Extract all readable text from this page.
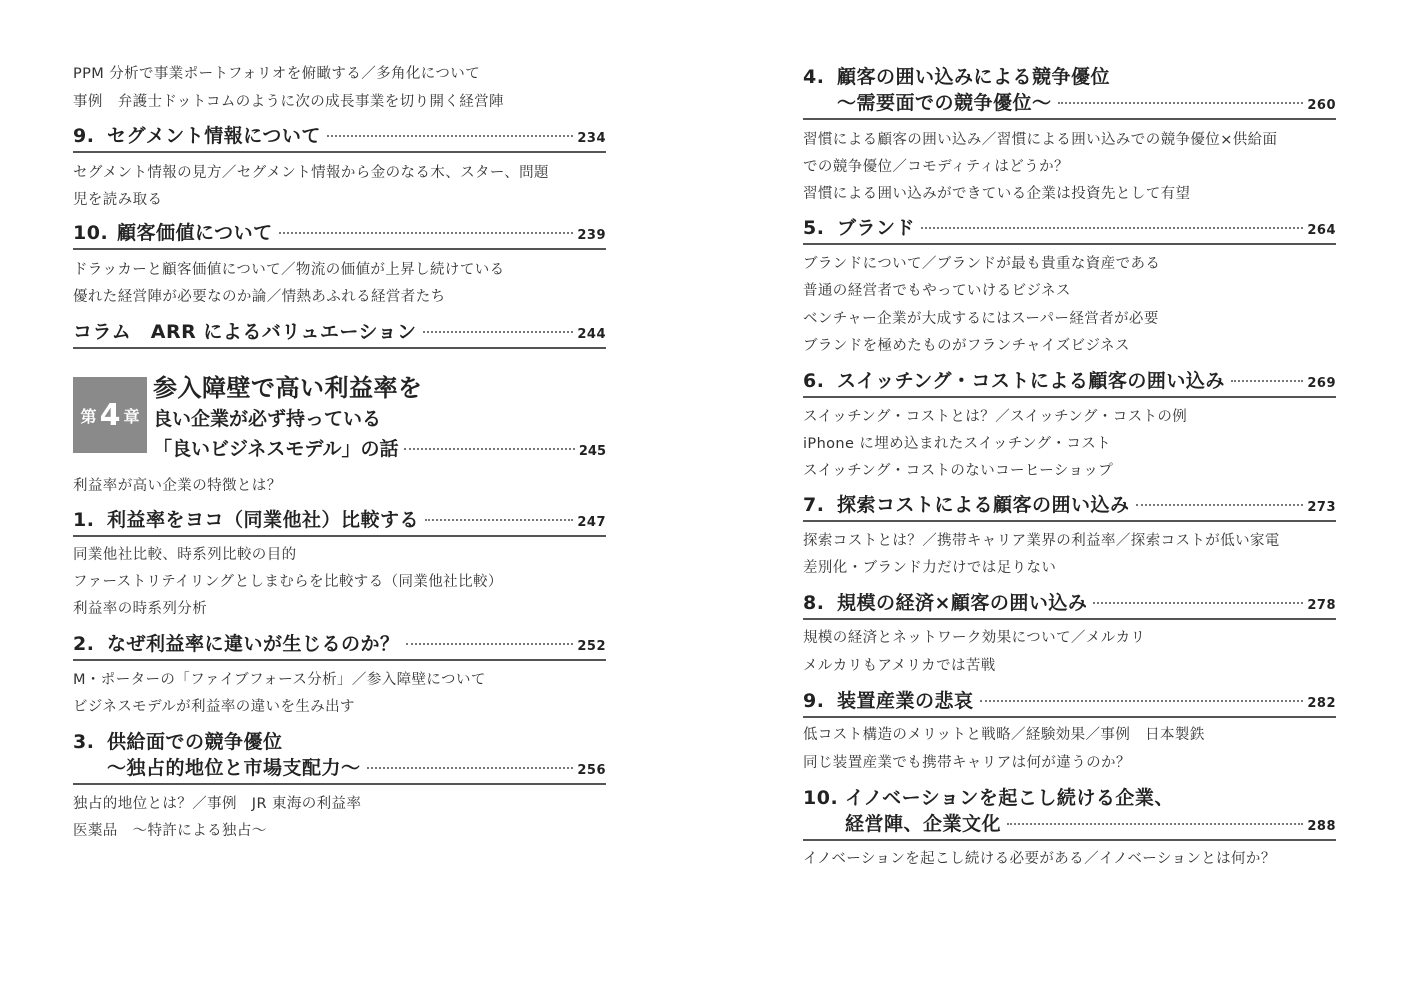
PPM 分析で事業ポートフォリオを俯瞰する／多角化について
事例　弁護士ドットコムのように次の成長事業を切り開く経営陣
9. セグメント情報について	234
セグメント情報の見方／セグメント情報から金のなる木、スター、問題
児を読み取る
10. 顧客価値について	239
ドラッカーと顧客価値について／物流の価値が上昇し続けている
優れた経営陣が必要なのか論／情熱あふれる経営者たち
コラム　ARR によるバリュエーション	244
第 4 章
参入障壁で高い利益率を
良い企業が必ず持っている
「良いビジネスモデル」の話	245
利益率が高い企業の特徴とは？
1. 利益率をヨコ（同業他社）比較する	247
同業他社比較、時系列比較の目的
ファーストリテイリングとしまむらを比較する（同業他社比較）
利益率の時系列分析
2. なぜ利益率に違いが生じるのか？	252
M・ポーターの「ファイブフォース分析」／参入障壁について
ビジネスモデルが利益率の違いを生み出す
3. 供給面での競争優位
～独占的地位と市場支配力～	256
独占的地位とは？／事例　JR 東海の利益率
医薬品　～特許による独占～
4. 顧客の囲い込みによる競争優位
～需要面での競争優位～	260
習慣による顧客の囲い込み／習慣による囲い込みでの競争優位×供給面
での競争優位／コモディティはどうか？
習慣による囲い込みができている企業は投資先として有望
5. ブランド	264
ブランドについて／ブランドが最も貴重な資産である
普通の経営者でもやっていけるビジネス
ベンチャー企業が大成するにはスーパー経営者が必要
ブランドを極めたものがフランチャイズビジネス
6. スイッチング・コストによる顧客の囲い込み	269
スイッチング・コストとは？／スイッチング・コストの例
iPhone に埋め込まれたスイッチング・コスト
スイッチング・コストのないコーヒーショップ
7. 探索コストによる顧客の囲い込み	273
探索コストとは？／携帯キャリア業界の利益率／探索コストが低い家電
差別化・ブランド力だけでは足りない
8. 規模の経済×顧客の囲い込み	278
規模の経済とネットワーク効果について／メルカリ
メルカリもアメリカでは苦戦
9. 装置産業の悲哀	282
低コスト構造のメリットと戦略／経験効果／事例　日本製鉄
同じ装置産業でも携帯キャリアは何が違うのか？
10. イノベーションを起こし続ける企業、
経営陣、企業文化	288
イノベーションを起こし続ける必要がある／イノベーションとは何か？
